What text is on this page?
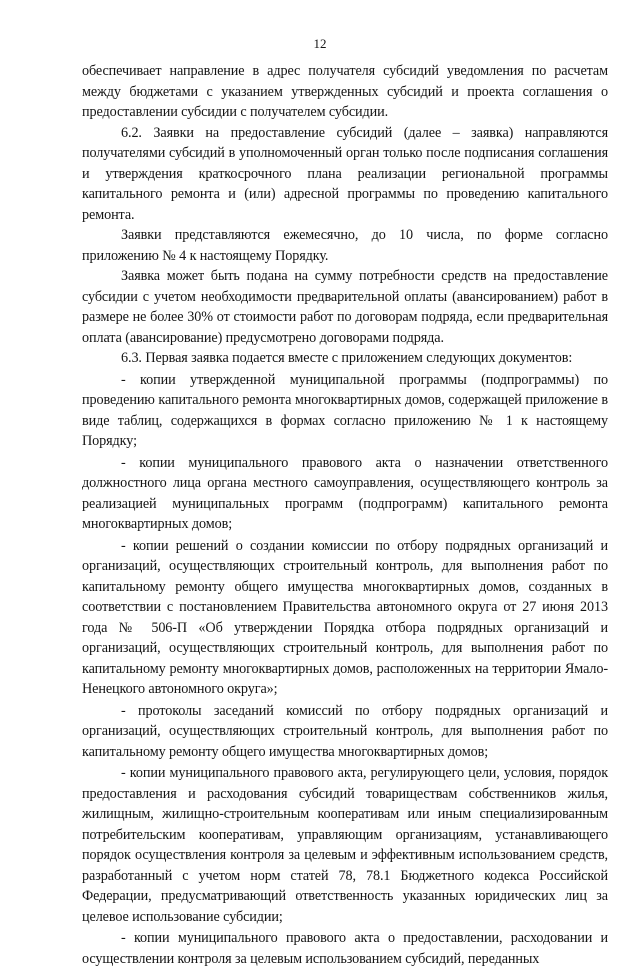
12

обеспечивает направление в адрес получателя субсидий уведомления по расчетам между бюджетами с указанием утвержденных субсидий и проекта соглашения о предоставлении субсидии с получателем субсидии.

6.2. Заявки на предоставление субсидий (далее – заявка) направляются получателями субсидий в уполномоченный орган только после подписания соглашения и утверждения краткосрочного плана реализации региональной программы капитального ремонта и (или) адресной программы по проведению капитального ремонта.

Заявки представляются ежемесячно, до 10 числа, по форме согласно приложению № 4 к настоящему Порядку.

Заявка может быть подана на сумму потребности средств на предоставление субсидии с учетом необходимости предварительной оплаты (авансированием) работ в размере не более 30% от стоимости работ по договорам подряда, если предварительная оплата (авансирование) предусмотрено договорами подряда.

6.3. Первая заявка подается вместе с приложением следующих документов:

- копии утвержденной муниципальной программы (подпрограммы) по проведению капитального ремонта многоквартирных домов, содержащей приложение в виде таблиц, содержащихся в формах согласно приложению № 1 к настоящему Порядку;

- копии муниципального правового акта о назначении ответственного должностного лица органа местного самоуправления, осуществляющего контроль за реализацией муниципальных программ (подпрограмм) капитального ремонта многоквартирных домов;

- копии решений о создании комиссии по отбору подрядных организаций и организаций, осуществляющих строительный контроль, для выполнения работ по капитальному ремонту общего имущества многоквартирных домов, созданных в соответствии с постановлением Правительства автономного округа от 27 июня 2013 года № 506-П «Об утверждении Порядка отбора подрядных организаций и организаций, осуществляющих строительный контроль, для выполнения работ по капитальному ремонту многоквартирных домов, расположенных на территории Ямало-Ненецкого автономного округа»;

- протоколы заседаний комиссий по отбору подрядных организаций и организаций, осуществляющих строительный контроль, для выполнения работ по капитальному ремонту общего имущества многоквартирных домов;

- копии муниципального правового акта, регулирующего цели, условия, порядок предоставления и расходования субсидий товариществам собственников жилья, жилищным, жилищно-строительным кооперативам или иным специализированным потребительским кооперативам, управляющим организациям, устанавливающего порядок осуществления контроля за целевым и эффективным использованием средств, разработанный с учетом норм статей 78, 78.1 Бюджетного кодекса Российской Федерации, предусматривающий ответственность указанных юридических лиц за целевое использование субсидии;

- копии муниципального правового акта о предоставлении, расходовании и осуществлении контроля за целевым использованием субсидий, переданных
